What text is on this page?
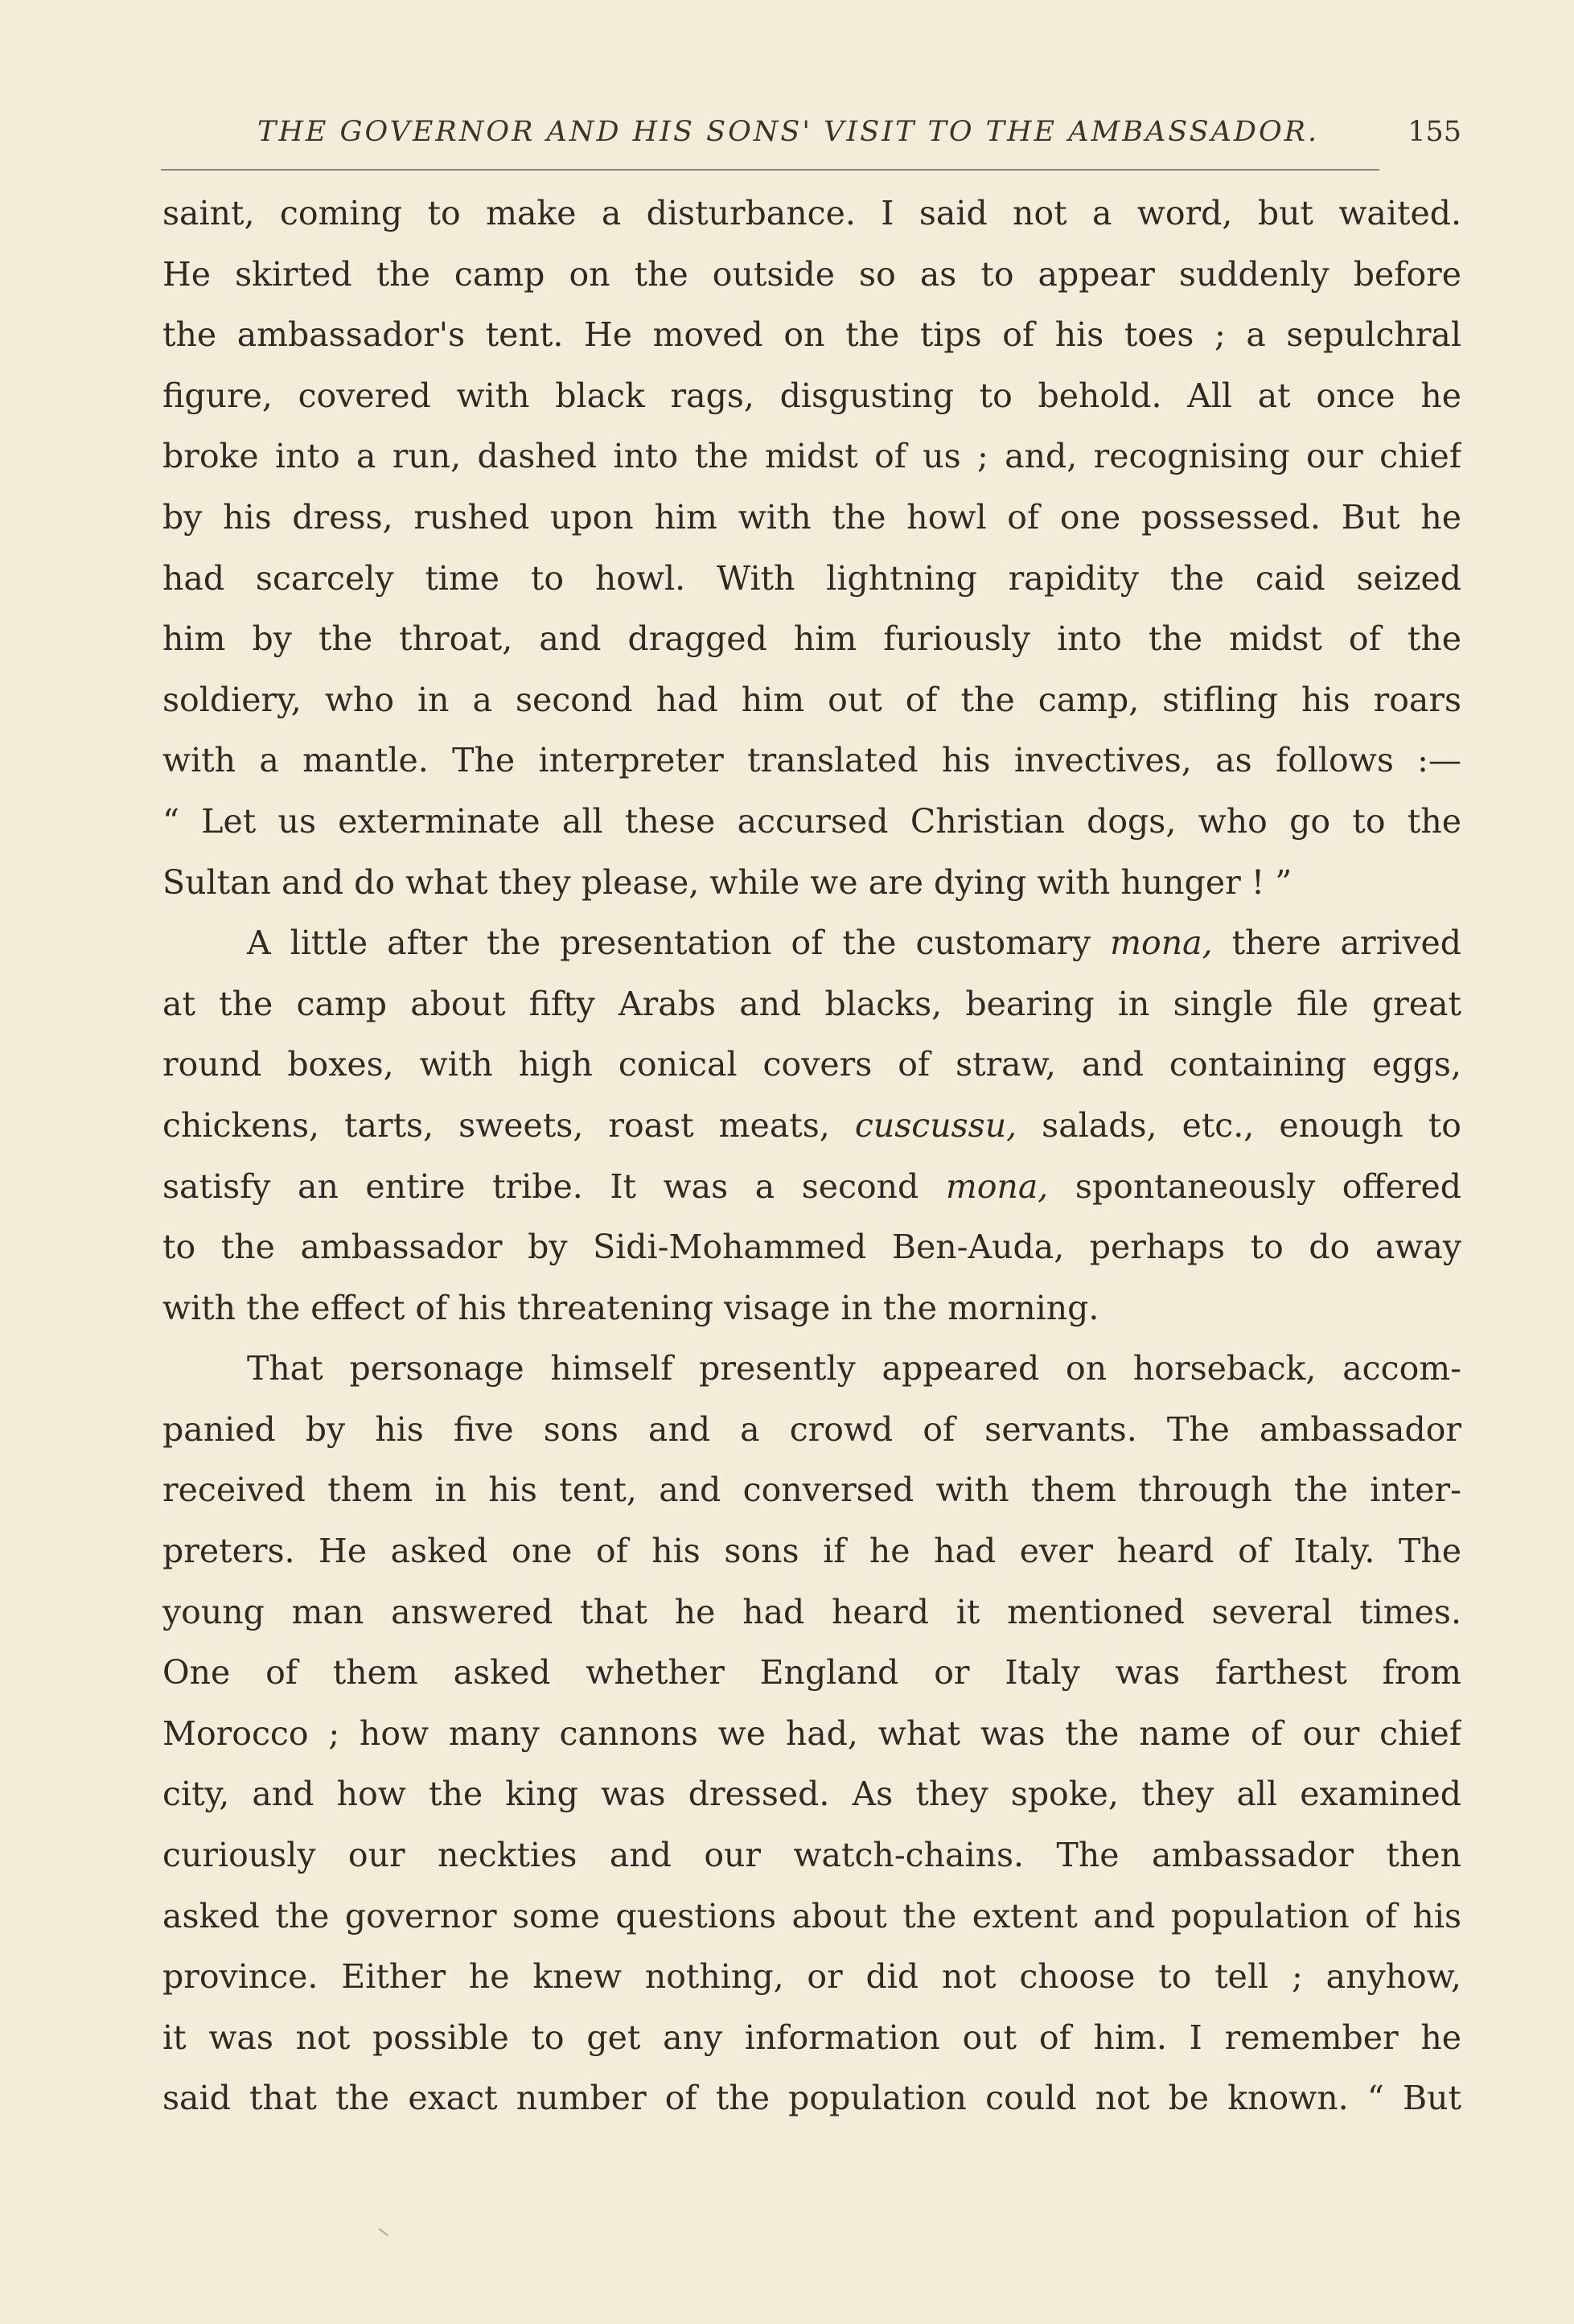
THE GOVERNOR AND HIS SONS' VISIT TO THE AMBASSADOR.	155
saint, coming to make a disturbance. I said not a word, but waited.
He skirted the camp on the outside so as to appear suddenly before
the ambassador's tent. He moved on the tips of his toes ; a sepulchral
figure, covered with black rags, disgusting to behold. All at once he
broke into a run, dashed into the midst of us ; and, recognising our chief
by his dress, rushed upon him with the howl of one possessed. But he
had scarcely time to howl. With lightning rapidity the caid seized
him by the throat, and dragged him furiously into the midst of the
soldiery, who in a second had him out of the camp, stifling his roars
with a mantle. The interpreter translated his invectives, as follows :—
“ Let us exterminate all these accursed Christian dogs, who go to the
Sultan and do what they please, while we are dying with hunger ! ”
A little after the presentation of the customary mona, there arrived
at the camp about fifty Arabs and blacks, bearing in single file great
round boxes, with high conical covers of straw, and containing eggs,
chickens, tarts, sweets, roast meats, cuscussu, salads, etc., enough to
satisfy an entire tribe. It was a second mona, spontaneously offered
to the ambassador by Sidi-Mohammed Ben-Auda, perhaps to do away
with the effect of his threatening visage in the morning.
That personage himself presently appeared on horseback, accom-
panied by his five sons and a crowd of servants. The ambassador
received them in his tent, and conversed with them through the inter-
preters. He asked one of his sons if he had ever heard of Italy. The
young man answered that he had heard it mentioned several times.
One of them asked whether England or Italy was farthest from
Morocco ; how many cannons we had, what was the name of our chief
city, and how the king was dressed. As they spoke, they all examined
curiously our neckties and our watch-chains. The ambassador then
asked the governor some questions about the extent and population of his
province. Either he knew nothing, or did not choose to tell ; anyhow,
it was not possible to get any information out of him. I remember he
said that the exact number of the population could not be known. “ But
